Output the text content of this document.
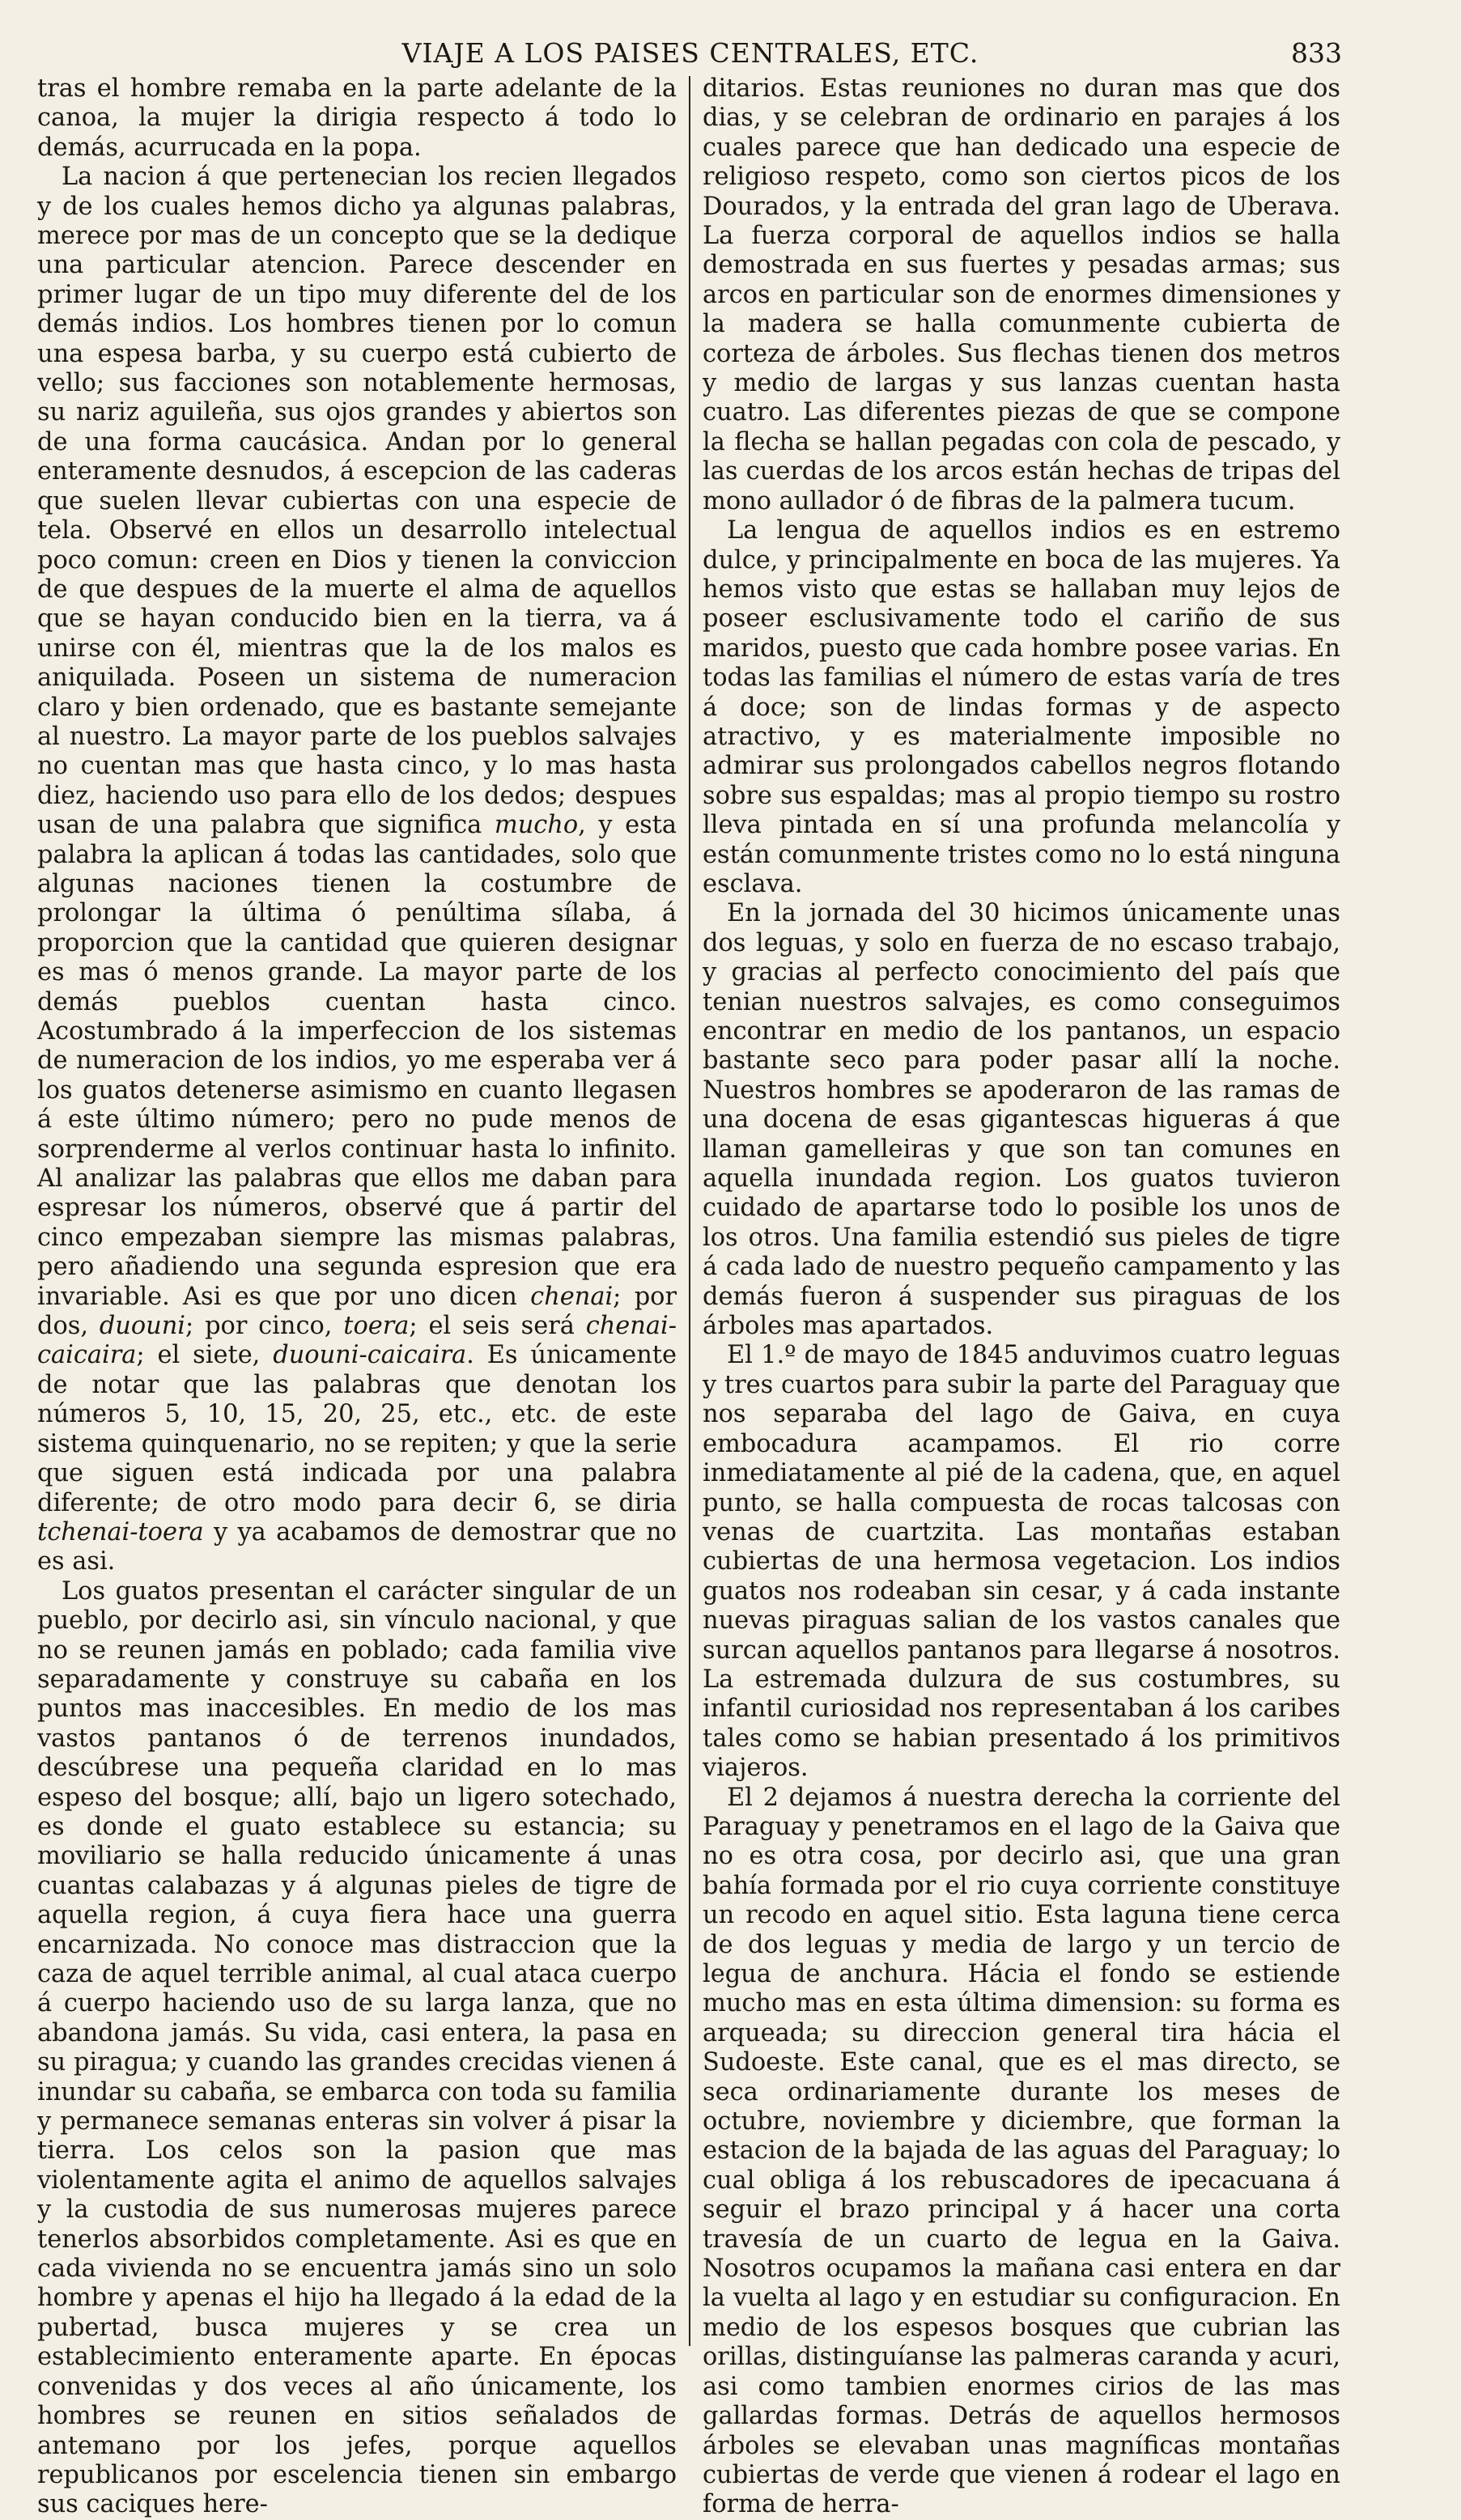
VIAJE A LOS PAISES CENTRALES, ETC.	833

tras el hombre remaba en la parte adelante de la canoa, la mujer la dirigia respecto á todo lo demás, acurrucada en la popa.

La nacion á que pertenecian los recien llegados y de los cuales hemos dicho ya algunas palabras, merece por mas de un concepto que se la dedique una particular atencion. Parece descender en primer lugar de un tipo muy diferente del de los demás indios. Los hombres tienen por lo comun una espesa barba, y su cuerpo está cubierto de vello; sus facciones son notablemente hermosas, su nariz aguileña, sus ojos grandes y abiertos son de una forma caucásica. Andan por lo general enteramente desnudos, á escepcion de las caderas que suelen llevar cubiertas con una especie de tela. Observé en ellos un desarrollo intelectual poco comun: creen en Dios y tienen la conviccion de que despues de la muerte el alma de aquellos que se hayan conducido bien en la tierra, va á unirse con él, mientras que la de los malos es aniquilada. Poseen un sistema de numeracion claro y bien ordenado, que es bastante semejante al nuestro. La mayor parte de los pueblos salvajes no cuentan mas que hasta cinco, y lo mas hasta diez, haciendo uso para ello de los dedos; despues usan de una palabra que significa mucho, y esta palabra la aplican á todas las cantidades, solo que algunas naciones tienen la costumbre de prolongar la última ó penúltima sílaba, á proporcion que la cantidad que quieren designar es mas ó menos grande. La mayor parte de los demás pueblos cuentan hasta cinco. Acostumbrado á la imperfeccion de los sistemas de numeracion de los indios, yo me esperaba ver á los guatos detenerse asimismo en cuanto llegasen á este último número; pero no pude menos de sorprenderme al verlos continuar hasta lo infinito. Al analizar las palabras que ellos me daban para espresar los números, observé que á partir del cinco empezaban siempre las mismas palabras, pero añadiendo una segunda espresion que era invariable. Asi es que por uno dicen chenai; por dos, duouni; por cinco, toera; el seis será chenai-caicaira; el siete, duouni-caicaira. Es únicamente de notar que las palabras que denotan los números 5, 10, 15, 20, 25, etc., etc. de este sistema quinquenario, no se repiten; y que la serie que siguen está indicada por una palabra diferente; de otro modo para decir 6, se diria tchenai-toera y ya acabamos de demostrar que no es asi.

Los guatos presentan el carácter singular de un pueblo, por decirlo asi, sin vínculo nacional, y que no se reunen jamás en poblado; cada familia vive separadamente y construye su cabaña en los puntos mas inaccesibles. En medio de los mas vastos pantanos ó de terrenos inundados, descúbrese una pequeña claridad en lo mas espeso del bosque; allí, bajo un ligero sotechado, es donde el guato establece su estancia; su moviliario se halla reducido únicamente á unas cuantas calabazas y á algunas pieles de tigre de aquella region, á cuya fiera hace una guerra encarnizada. No conoce mas distraccion que la caza de aquel terrible animal, al cual ataca cuerpo á cuerpo haciendo uso de su larga lanza, que no abandona jamás. Su vida, casi entera, la pasa en su piragua; y cuando las grandes crecidas vienen á inundar su cabaña, se embarca con toda su familia y permanece semanas enteras sin volver á pisar la tierra. Los celos son la pasion que mas violentamente agita el animo de aquellos salvajes y la custodia de sus numerosas mujeres parece tenerlos absorbidos completamente. Asi es que en cada vivienda no se encuentra jamás sino un solo hombre y apenas el hijo ha llegado á la edad de la pubertad, busca mujeres y se crea un establecimiento enteramente aparte. En épocas convenidas y dos veces al año únicamente, los hombres se reunen en sitios señalados de antemano por los jefes, porque aquellos republicanos por escelencia tienen sin embargo sus caciques here-

ditarios. Estas reuniones no duran mas que dos dias, y se celebran de ordinario en parajes á los cuales parece que han dedicado una especie de religioso respeto, como son ciertos picos de los Dourados, y la entrada del gran lago de Uberava. La fuerza corporal de aquellos indios se halla demostrada en sus fuertes y pesadas armas; sus arcos en particular son de enormes dimensiones y la madera se halla comunmente cubierta de corteza de árboles. Sus flechas tienen dos metros y medio de largas y sus lanzas cuentan hasta cuatro. Las diferentes piezas de que se compone la flecha se hallan pegadas con cola de pescado, y las cuerdas de los arcos están hechas de tripas del mono aullador ó de fibras de la palmera tucum.

La lengua de aquellos indios es en estremo dulce, y principalmente en boca de las mujeres. Ya hemos visto que estas se hallaban muy lejos de poseer esclusivamente todo el cariño de sus maridos, puesto que cada hombre posee varias. En todas las familias el número de estas varía de tres á doce; son de lindas formas y de aspecto atractivo, y es materialmente imposible no admirar sus prolongados cabellos negros flotando sobre sus espaldas; mas al propio tiempo su rostro lleva pintada en sí una profunda melancolía y están comunmente tristes como no lo está ninguna esclava.

En la jornada del 30 hicimos únicamente unas dos leguas, y solo en fuerza de no escaso trabajo, y gracias al perfecto conocimiento del país que tenian nuestros salvajes, es como conseguimos encontrar en medio de los pantanos, un espacio bastante seco para poder pasar allí la noche. Nuestros hombres se apoderaron de las ramas de una docena de esas gigantescas higueras á que llaman gamelleiras y que son tan comunes en aquella inundada region. Los guatos tuvieron cuidado de apartarse todo lo posible los unos de los otros. Una familia estendió sus pieles de tigre á cada lado de nuestro pequeño campamento y las demás fueron á suspender sus piraguas de los árboles mas apartados.

El 1.º de mayo de 1845 anduvimos cuatro leguas y tres cuartos para subir la parte del Paraguay que nos separaba del lago de Gaiva, en cuya embocadura acampamos. El rio corre inmediatamente al pié de la cadena, que, en aquel punto, se halla compuesta de rocas talcosas con venas de cuartzita. Las montañas estaban cubiertas de una hermosa vegetacion. Los indios guatos nos rodeaban sin cesar, y á cada instante nuevas piraguas salian de los vastos canales que surcan aquellos pantanos para llegarse á nosotros. La estremada dulzura de sus costumbres, su infantil curiosidad nos representaban á los caribes tales como se habian presentado á los primitivos viajeros.

El 2 dejamos á nuestra derecha la corriente del Paraguay y penetramos en el lago de la Gaiva que no es otra cosa, por decirlo asi, que una gran bahía formada por el rio cuya corriente constituye un recodo en aquel sitio. Esta laguna tiene cerca de dos leguas y media de largo y un tercio de legua de anchura. Hácia el fondo se estiende mucho mas en esta última dimension: su forma es arqueada; su direccion general tira hácia el Sudoeste. Este canal, que es el mas directo, se seca ordinariamente durante los meses de octubre, noviembre y diciembre, que forman la estacion de la bajada de las aguas del Paraguay; lo cual obliga á los rebuscadores de ipecacuana á seguir el brazo principal y á hacer una corta travesía de un cuarto de legua en la Gaiva. Nosotros ocupamos la mañana casi entera en dar la vuelta al lago y en estudiar su configuracion. En medio de los espesos bosques que cubrian las orillas, distinguíanse las palmeras caranda y acuri, asi como tambien enormes cirios de las mas gallardas formas. Detrás de aquellos hermosos árboles se elevaban unas magníficas montañas cubiertas de verde que vienen á rodear el lago en forma de herra-
